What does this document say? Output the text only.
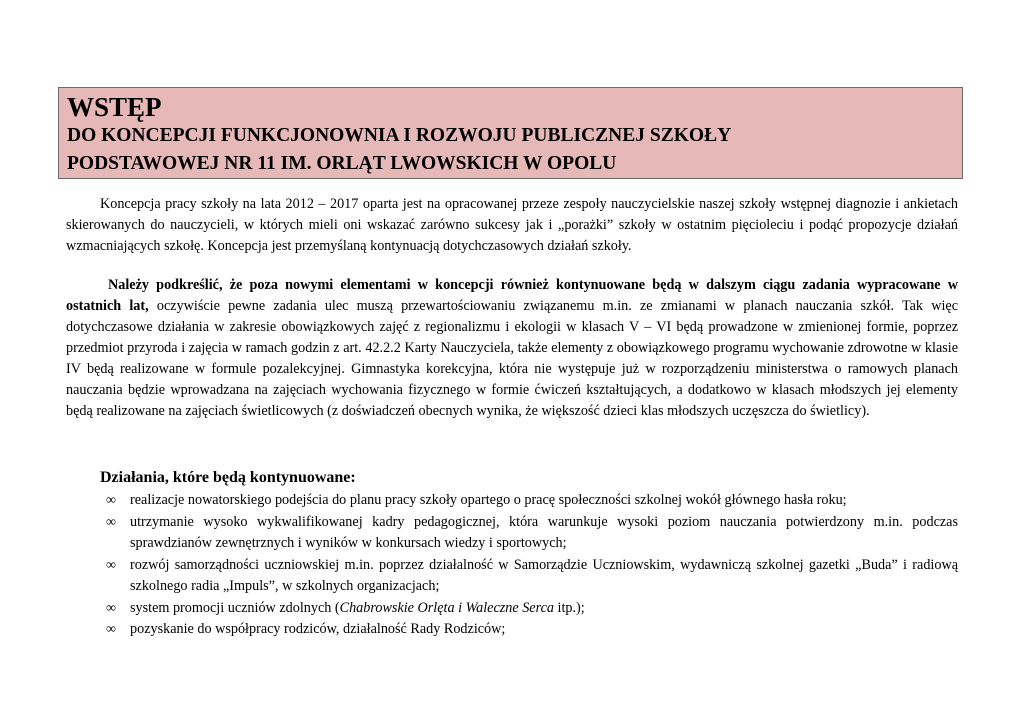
WSTĘP

DO KONCEPCJI FUNKCJONOWNIA I ROZWOJU PUBLICZNEJ SZKOŁY

PODSTAWOWEJ NR 11 IM. ORLĄT LWOWSKICH W OPOLU

Koncepcja pracy szkoły na lata 2012 – 2017 oparta jest na opracowanej przeze zespoły nauczycielskie naszej szkoły wstępnej diagnozie i ankietach skierowanych do nauczycieli, w których mieli oni wskazać zarówno sukcesy jak i „porażki” szkoły w ostatnim pięcioleciu i podąć propozycje działań wzmacniających szkołę. Koncepcja jest przemyślaną kontynuacją dotychczasowych działań szkoły.

Należy podkreślić, że poza nowymi elementami w koncepcji również kontynuowane będą w dalszym ciągu zadania wypracowane w ostatnich lat, oczywiście pewne zadania ulec muszą przewartościowaniu związanemu m.in. ze zmianami w planach nauczania szkół. Tak więc dotychczasowe działania w zakresie obowiązkowych zajęć z regionalizmu i ekologii w klasach V – VI będą prowadzone w zmienionej formie, poprzez przedmiot przyroda i zajęcia w ramach godzin z art. 42.2.2 Karty Nauczyciela, także elementy z obowiązkowego programu wychowanie zdrowotne w klasie IV będą realizowane w formule pozalekcyjnej. Gimnastyka korekcyjna, która nie występuje już w rozporządzeniu ministerstwa o ramowych planach nauczania będzie wprowadzana na zajęciach wychowania fizycznego w formie ćwiczeń kształtujących, a dodatkowo w klasach młodszych jej elementy będą realizowane na zajęciach świetlicowych (z doświadczeń obecnych wynika, że większość dzieci klas młodszych uczęszcza do świetlicy).

Działania, które będą kontynuowane:

∞ realizacje nowatorskiego podejścia do planu pracy szkoły opartego o pracę społeczności szkolnej wokół głównego hasła roku;
∞ utrzymanie wysoko wykwalifikowanej kadry pedagogicznej, która warunkuje wysoki poziom nauczania potwierdzony m.in. podczas sprawdzianów zewnętrznych i wyników w konkursach wiedzy i sportowych;
∞ rozwój samorządności uczniowskiej m.in. poprzez działalność w Samorządzie Uczniowskim, wydawniczą szkolnej gazetki „Buda” i radiową szkolnego radia „Impuls”, w szkolnych organizacjach;
∞ system promocji uczniów zdolnych (Chabrowskie Orlęta i Waleczne Serca itp.);
∞ pozyskanie do współpracy rodziców, działalność Rady Rodziców;
